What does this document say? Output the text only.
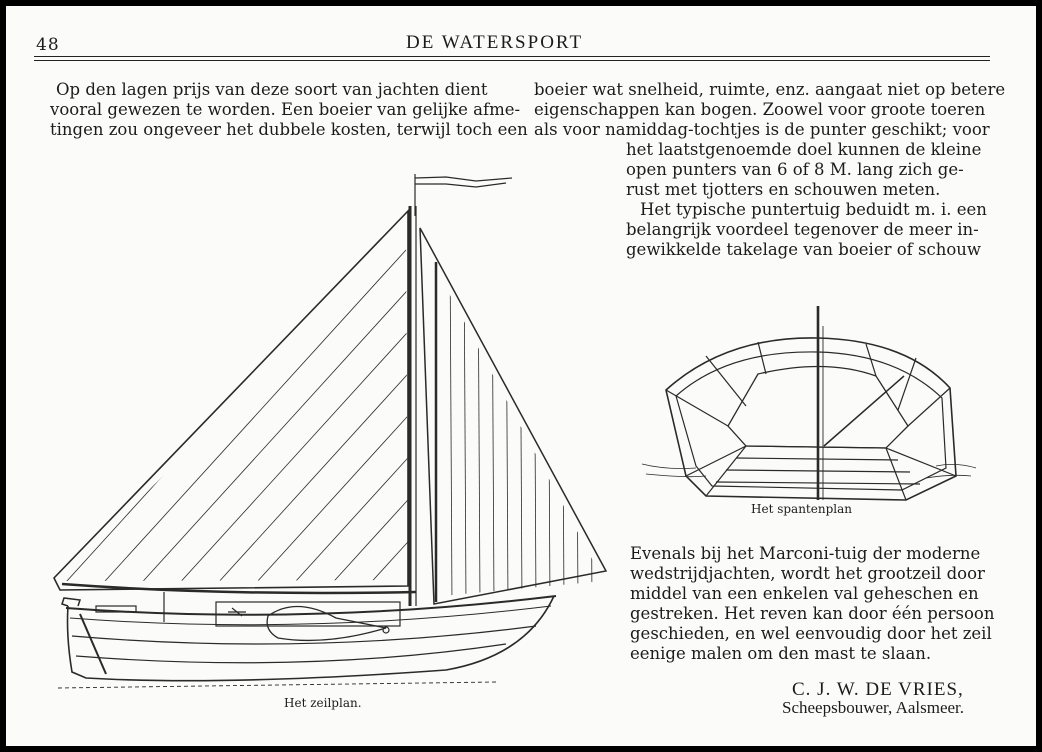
48	DE WATERSPORT
Op den lagen prijs van deze soort van jachten dient
vooral gewezen te worden. Een boeier van gelijke afme-
tingen zou ongeveer het dubbele kosten, terwijl toch een
boeier wat snelheid, ruimte, enz. aangaat niet op betere
eigenschappen kan bogen. Zoowel voor groote toeren
als voor namiddag-tochtjes is de punter geschikt; voor
het laatstgenoemde doel kunnen de kleine
open punters van 6 of 8 M. lang zich ge-
rust met tjotters en schouwen meten.
Het typische puntertuig beduidt m. i. een
belangrijk voordeel tegenover de meer in-
gewikkelde takelage van boeier of schouw
Evenals bij het Marconi-tuig der moderne
wedstrijdjachten, wordt het grootzeil door
middel van een enkelen val geheschen en
gestreken. Het reven kan door één persoon
geschieden, en wel eenvoudig door het zeil
eenige malen om den mast te slaan.
Het zeilplan.
Het spantenplan
C. J. W. DE VRIES,
Scheepsbouwer, Aalsmeer.
